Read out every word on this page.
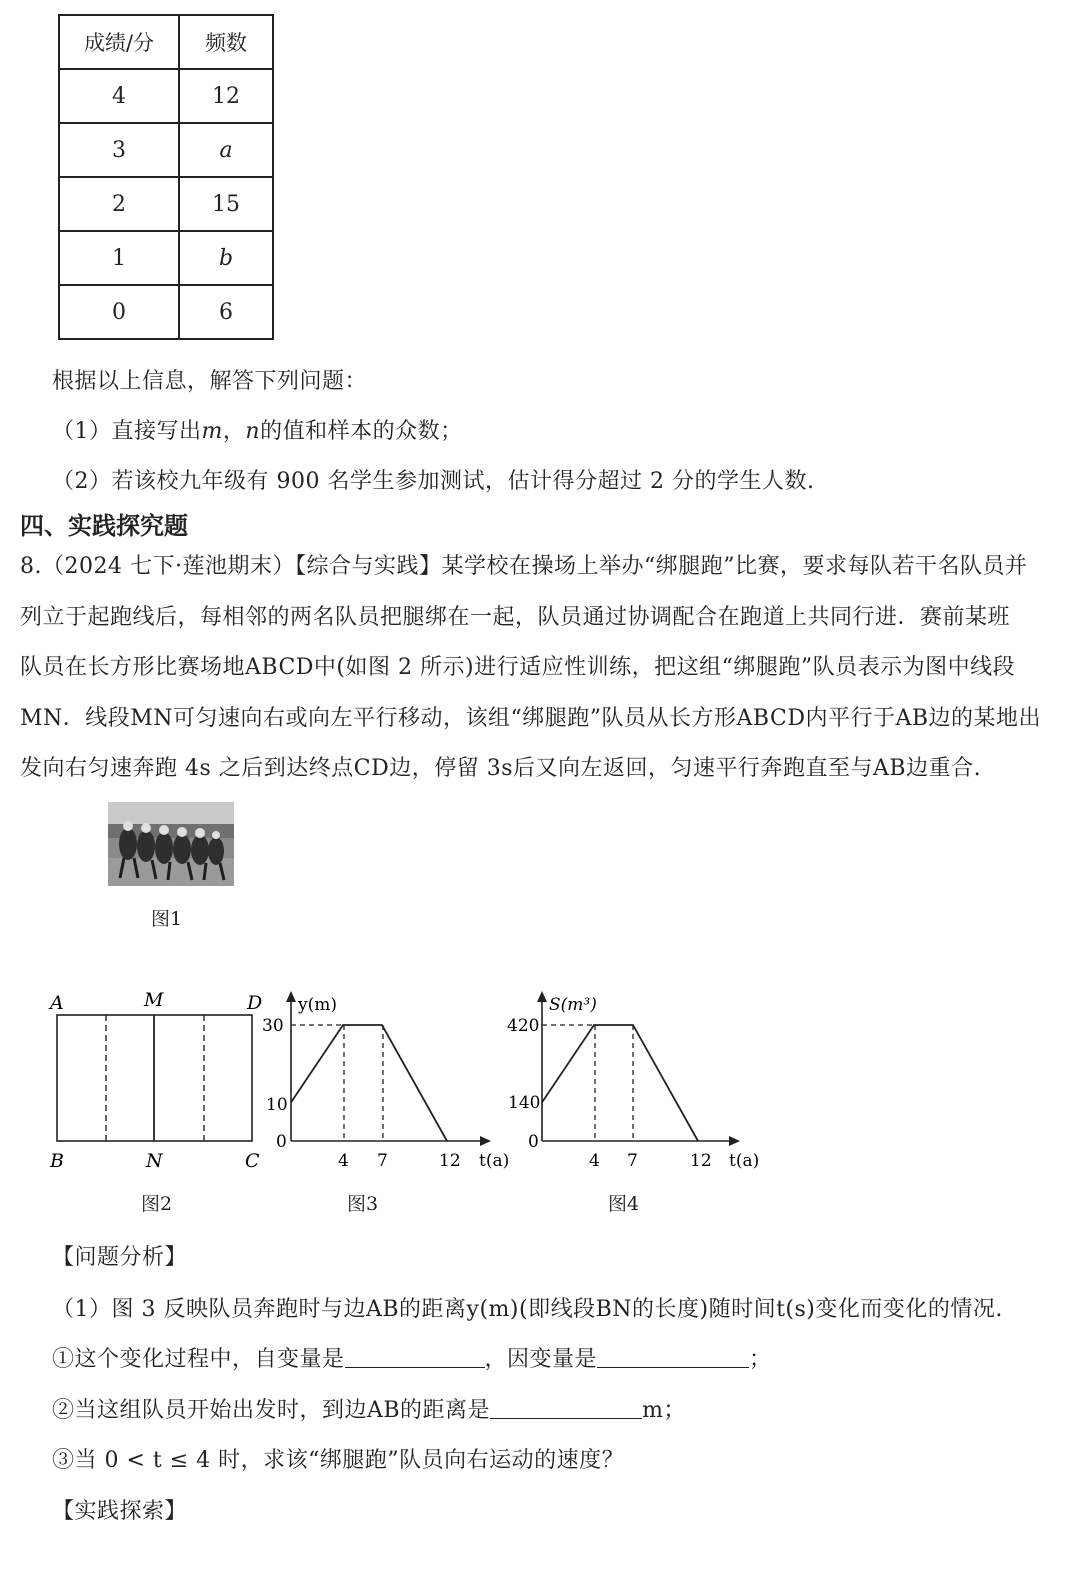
成绩/分	频数
4	12
3	a
2	15
1	b
0	6
根据以上信息，解答下列问题：
（1）直接写出m，n的值和样本的众数；
（2）若该校九年级有 900 名学生参加测试，估计得分超过 2 分的学生人数.
四、实践探究题
8.（2024 七下·莲池期末）【综合与实践】某学校在操场上举办“绑腿跑”比赛，要求每队若干名队员并
列立于起跑线后，每相邻的两名队员把腿绑在一起，队员通过协调配合在跑道上共同行进．赛前某班
队员在长方形比赛场地ABCD中(如图 2 所示)进行适应性训练，把这组“绑腿跑”队员表示为图中线段
MN．线段MN可匀速向右或向左平行移动，该组“绑腿跑”队员从长方形ABCD内平行于AB边的某地出
发向右匀速奔跑 4s 之后到达终点CD边，停留 3s后又向左返回，匀速平行奔跑直至与AB边重合.
图1
A	M	D
B	N	C
图2
y(m)
t(a)
30
10
0
4 7	12
图3
S(m³)
t(a)
420
140
0
4 7	12
图4
【问题分析】
（1）图 3 反映队员奔跑时与边AB的距离y(m)(即线段BN的长度)随时间t(s)变化而变化的情况.
①这个变化过程中，自变量是	，因变量是	；
②当这组队员开始出发时，到边AB的距离是	m；
③当 0 < t ≤ 4 时，求该“绑腿跑”队员向右运动的速度？
【实践探索】
